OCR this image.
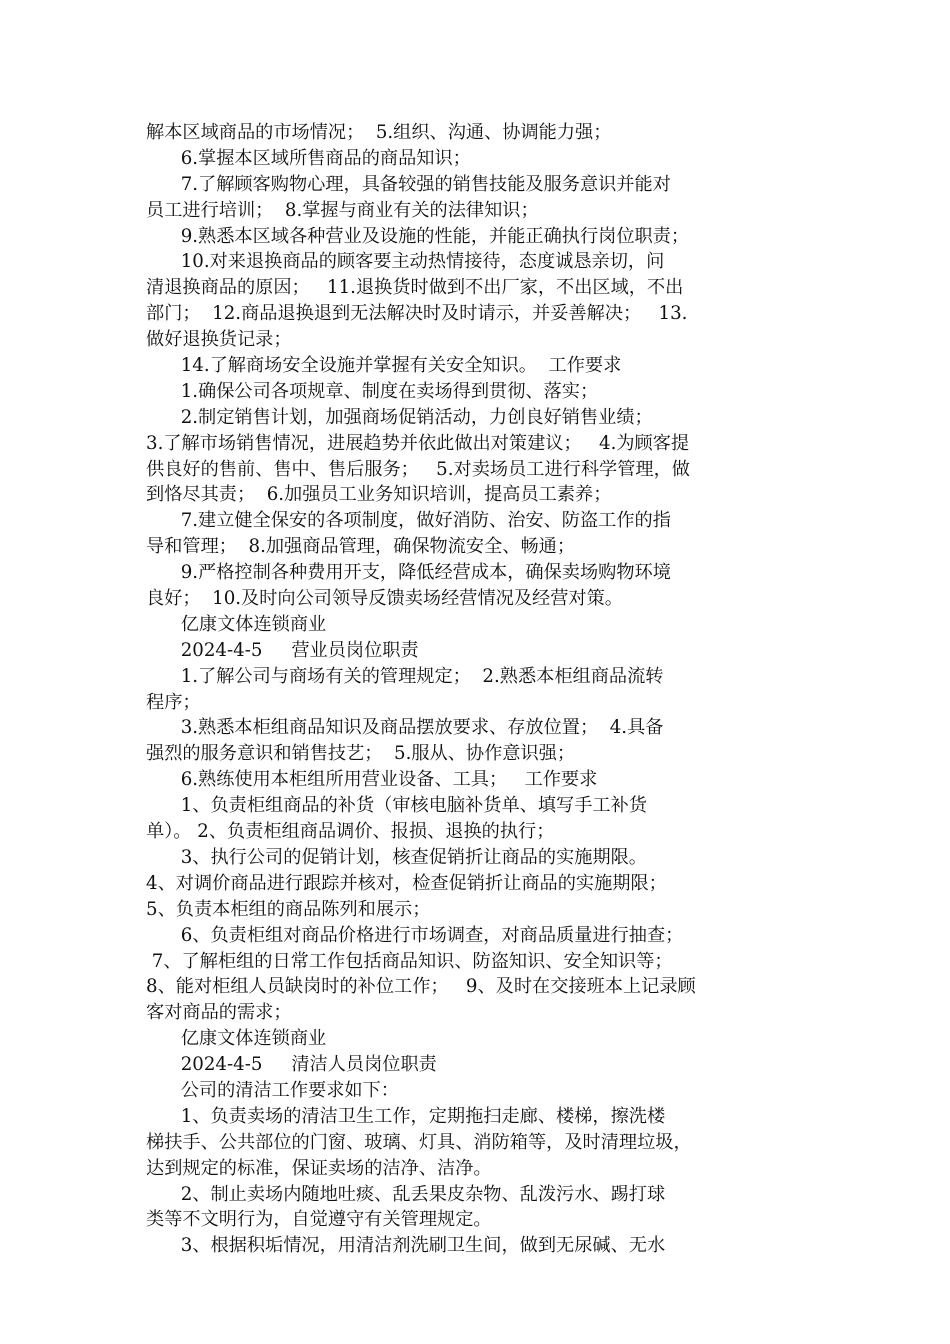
解本区域商品的市场情况；  5.组织、沟通、协调能力强；
6.掌握本区域所售商品的商品知识；
7.了解顾客购物心理，具备较强的销售技能及服务意识并能对
员工进行培训；  8.掌握与商业有关的法律知识；
9.熟悉本区域各种营业及设施的性能，并能正确执行岗位职责；
10.对来退换商品的顾客要主动热情接待，态度诚恳亲切，问
清退换商品的原因；   11.退换货时做到不出厂家，不出区域，不出
部门；  12.商品退换退到无法解决时及时请示，并妥善解决；   13.
做好退换货记录；
14.了解商场安全设施并掌握有关安全知识。  工作要求
1.确保公司各项规章、制度在卖场得到贯彻、落实；
2.制定销售计划，加强商场促销活动，力创良好销售业绩；
3.了解市场销售情况，进展趋势并依此做出对策建议；   4.为顾客提
供良好的售前、售中、售后服务；   5.对卖场员工进行科学管理，做
到恪尽其责；  6.加强员工业务知识培训，提高员工素养；
7.建立健全保安的各项制度，做好消防、治安、防盗工作的指
导和管理；  8.加强商品管理，确保物流安全、畅通；
9.严格控制各种费用开支，降低经营成本，确保卖场购物环境
良好；  10.及时向公司领导反馈卖场经营情况及经营对策。
亿康文体连锁商业
2024-4-5     营业员岗位职责
1.了解公司与商场有关的管理规定；  2.熟悉本柜组商品流转
程序；
3.熟悉本柜组商品知识及商品摆放要求、存放位置；  4.具备
强烈的服务意识和销售技艺；  5.服从、协作意识强；
6.熟练使用本柜组所用营业设备、工具；   工作要求
1、负责柜组商品的补货（审核电脑补货单、填写手工补货
单）。 2、负责柜组商品调价、报损、退换的执行；
3、执行公司的促销计划，核查促销折让商品的实施期限。
4、对调价商品进行跟踪并核对，检查促销折让商品的实施期限；
5、负责本柜组的商品陈列和展示；
6、负责柜组对商品价格进行市场调查，对商品质量进行抽查；
7、了解柜组的日常工作包括商品知识、防盗知识、安全知识等；
8、能对柜组人员缺岗时的补位工作；   9、及时在交接班本上记录顾
客对商品的需求；
亿康文体连锁商业
2024-4-5     清洁人员岗位职责
公司的清洁工作要求如下：
1、负责卖场的清洁卫生工作，定期拖扫走廊、楼梯，擦洗楼
梯扶手、公共部位的门窗、玻璃、灯具、消防箱等，及时清理垃圾，
达到规定的标准，保证卖场的洁净、洁净。
2、制止卖场内随地吐痰、乱丢果皮杂物、乱泼污水、踢打球
类等不文明行为，自觉遵守有关管理规定。
3、根据积垢情况，用清洁剂洗刷卫生间，做到无尿碱、无水
